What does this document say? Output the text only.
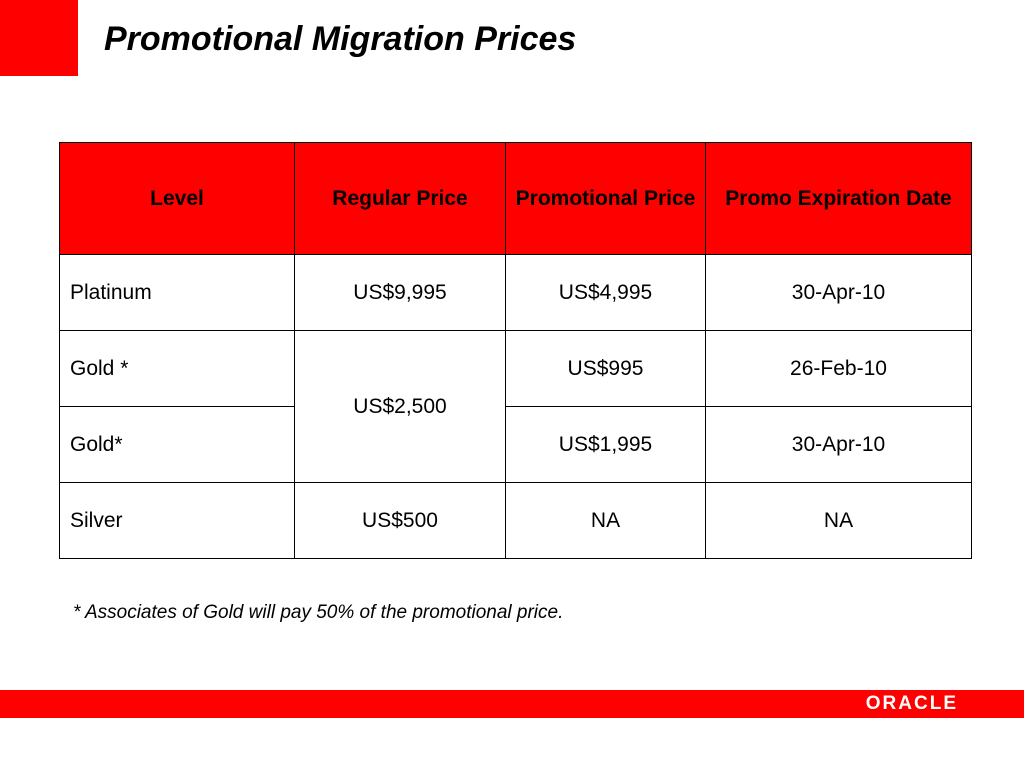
Promotional Migration Prices
Level	Regular Price	Promotional Price	Promo Expiration Date
Platinum	US$9,995	US$4,995	30-Apr-10
Gold *	US$2,500	US$995	26-Feb-10
Gold*		US$1,995	30-Apr-10
Silver	US$500	NA	NA

* Associates of Gold will pay 50% of the promotional price.

ORACLE
